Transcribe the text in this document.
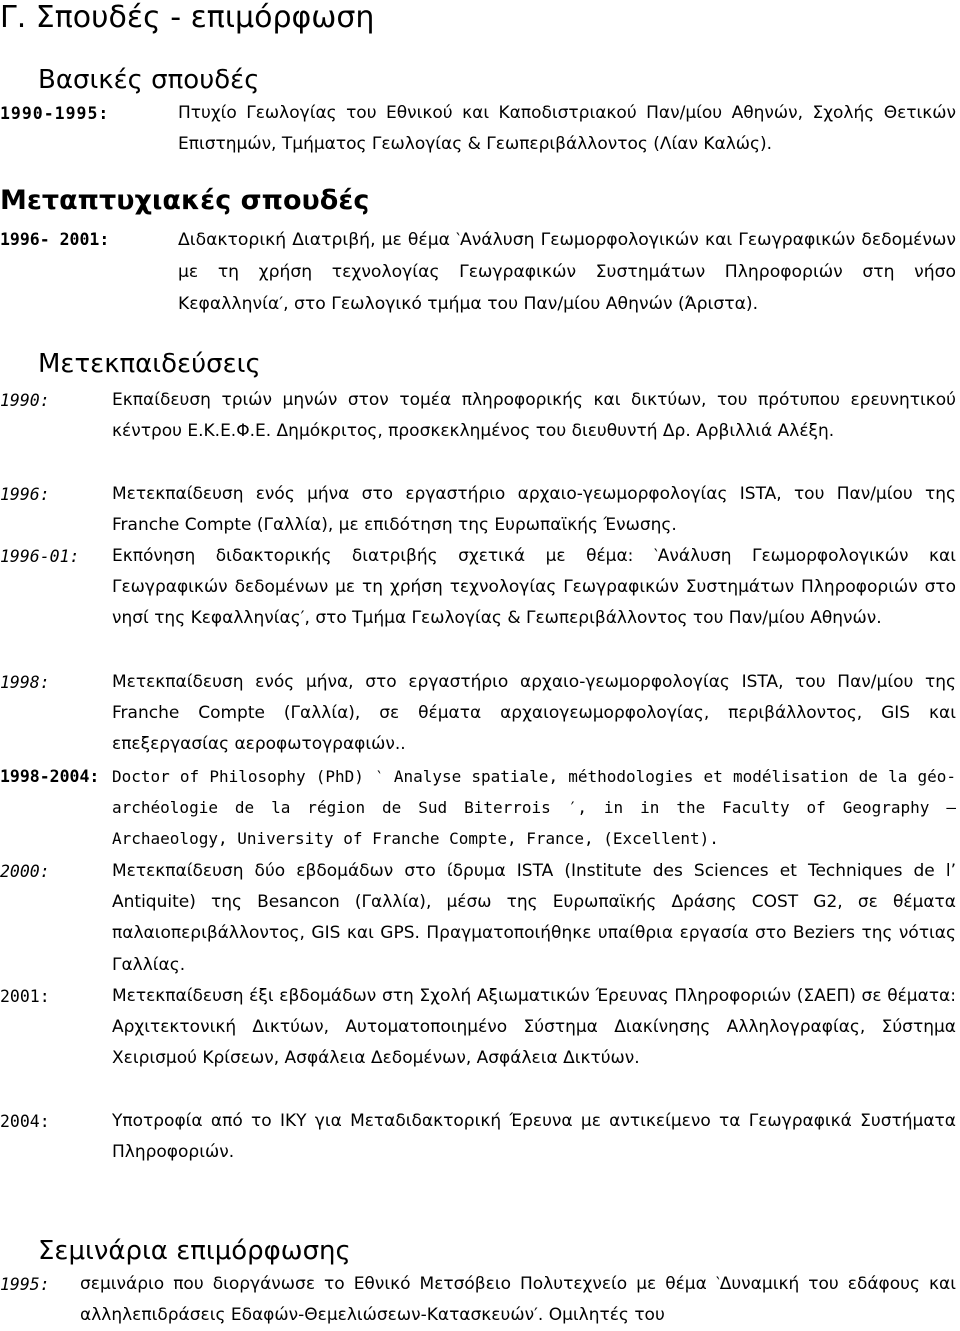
Γ. Σπουδές - επιμόρφωση
Βασικές σπουδές
1990-1995:	Πτυχίο Γεωλογίας του Εθνικού και Καποδιστριακού Παν/μίου Αθηνών, Σχολής Θετικών Επιστημών, Τμήματος Γεωλογίας & Γεωπεριβάλλοντος (Λίαν Καλώς).
Μεταπτυχιακές σπουδές
1996- 2001:	Διδακτορική Διατριβή, με θέμα ‵Ανάλυση Γεωμορφολογικών και Γεωγραφικών δεδομένων με τη χρήση τεχνολογίας Γεωγραφικών Συστημάτων Πληροφοριών στη νήσο Κεφαλληνία′, στο Γεωλογικό τμήμα του Παν/μίου Αθηνών (Άριστα).
Μετεκπαιδεύσεις
1990:	Εκπαίδευση τριών μηνών στον τομέα πληροφορικής και δικτύων, του πρότυπου ερευνητικού κέντρου Ε.Κ.Ε.Φ.Ε. Δημόκριτος, προσκεκλημένος του διευθυντή Δρ. Αρβιλλιά Αλέξη.
1996:	Μετεκπαίδευση ενός μήνα στο εργαστήριο αρχαιο-γεωμορφολογίας ISTA, του Παν/μίου της Franche Compte (Γαλλία), με επιδότηση της Ευρωπαϊκής Ένωσης.
1996-01: Εκπόνηση διδακτορικής διατριβής σχετικά με θέμα: ‵Ανάλυση Γεωμορφολογικών και Γεωγραφικών δεδομένων με τη χρήση τεχνολογίας Γεωγραφικών Συστημάτων Πληροφοριών στο νησί της Κεφαλληνίας′, στο Τμήμα Γεωλογίας & Γεωπεριβάλλοντος του Παν/μίου Αθηνών.
1998:	Μετεκπαίδευση ενός μήνα, στο εργαστήριο αρχαιο-γεωμορφολογίας ISTA, του Παν/μίου της Franche Compte (Γαλλία), σε θέματα αρχαιογεωμορφολογίας, περιβάλλοντος, GIS και επεξεργασίας αεροφωτογραφιών..
1998-2004: Doctor of Philosophy (PhD) ‵ Analyse spatiale, méthodologies et modélisation de la géo-archéologie de la région de Sud Biterrois ′, in in the Faculty of Geography – Archaeology, University of Franche Compte, France, (Excellent).
2000:	Μετεκπαίδευση δύο εβδομάδων στο ίδρυμα ISTA (Institute des Sciences et Techniques de l’ Antiquite) της Besancon (Γαλλία), μέσω της Ευρωπαϊκής Δράσης COST G2, σε θέματα παλαιοπεριβάλλοντος, GIS και GPS. Πραγματοποιήθηκε υπαίθρια εργασία στο Beziers της νότιας Γαλλίας.
2001:	Μετεκπαίδευση έξι εβδομάδων στη Σχολή Αξιωματικών Έρευνας Πληροφοριών (ΣΑΕΠ) σε θέματα: Αρχιτεκτονική Δικτύων, Αυτοματοποιημένο Σύστημα Διακίνησης Αλληλογραφίας, Σύστημα Χειρισμού Κρίσεων, Ασφάλεια Δεδομένων, Ασφάλεια Δικτύων.
2004:	Υποτροφία από το ΙΚΥ για Μεταδιδακτορική Έρευνα με αντικείμενο τα Γεωγραφικά Συστήματα Πληροφοριών.
Σεμινάρια επιμόρφωσης
1995: σεμινάριο που διοργάνωσε το Εθνικό Μετσόβειο Πολυτεχνείο με θέμα ‵Δυναμική του εδάφους και αλληλεπιδράσεις Εδαφών-Θεμελιώσεων-Κατασκευών′. Ομιλητές του
